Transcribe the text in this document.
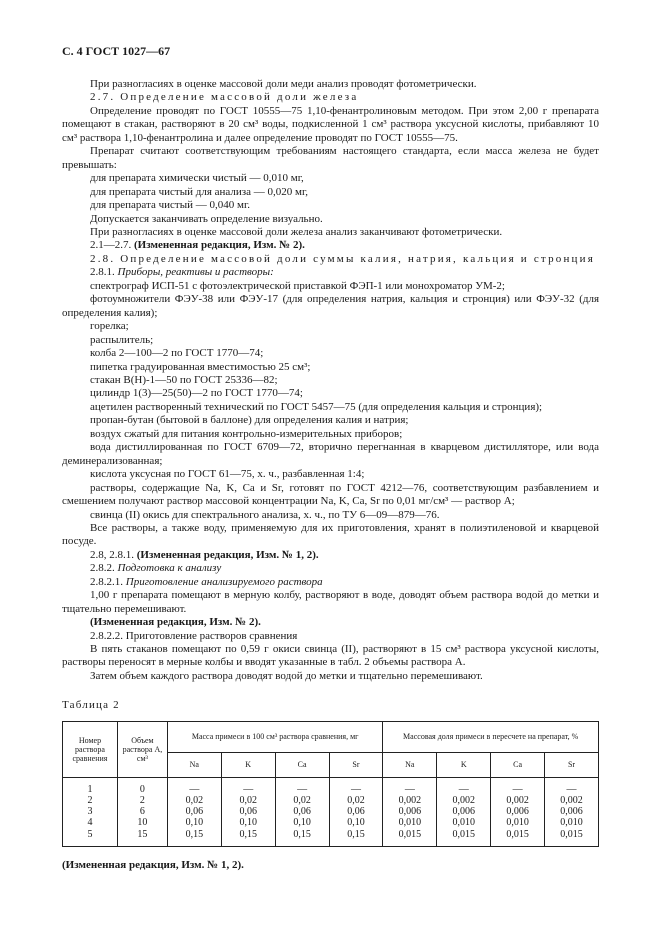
С. 4 ГОСТ 1027—67

При разногласиях в оценке массовой доли меди анализ проводят фотометрически.

2.7. Определение массовой доли железа

Определение проводят по ГОСТ 10555—75 1,10-фенантролиновым методом. При этом 2,00 г препарата помещают в стакан, растворяют в 20 см³ воды, подкисленной 1 см³ раствора уксусной кислоты, прибавляют 10 см³ раствора 1,10-фенантролина и далее определение проводят по ГОСТ 10555—75.

Препарат считают соответствующим требованиям настоящего стандарта, если масса железа не будет превышать:

для препарата химически чистый — 0,010 мг,

для препарата чистый для анализа — 0,020 мг,

для препарата чистый — 0,040 мг.

Допускается заканчивать определение визуально.

При разногласиях в оценке массовой доли железа анализ заканчивают фотометрически.

2.1—2.7. (Измененная редакция, Изм. № 2).

2.8. Определение массовой доли суммы калия, натрия, кальция и стронция

2.8.1. Приборы, реактивы и растворы:

спектрограф ИСП-51 с фотоэлектрической приставкой ФЭП-1 или монохроматор УМ-2;

фотоумножители ФЭУ-38 или ФЭУ-17 (для определения натрия, кальция и стронция) или ФЭУ-32 (для определения калия);

горелка;

распылитель;

колба 2—100—2 по ГОСТ 1770—74;

пипетка градуированная вместимостью 25 см³;

стакан В(Н)-1—50 по ГОСТ 25336—82;

цилиндр 1(3)—25(50)—2 по ГОСТ 1770—74;

ацетилен растворенный технический по ГОСТ 5457—75 (для определения кальция и стронция);

пропан-бутан (бытовой в баллоне) для определения калия и натрия;

воздух сжатый для питания контрольно-измерительных приборов;

вода дистиллированная по ГОСТ 6709—72, вторично перегнанная в кварцевом дистилляторе, или вода деминерализованная;

кислота уксусная по ГОСТ 61—75, х. ч., разбавленная 1:4;

растворы, содержащие Na, K, Ca и Sr, готовят по ГОСТ 4212—76, соответствующим разбавлением и смешением получают раствор массовой концентрации Na, K, Ca, Sr по 0,01 мг/см³ — раствор А;

свинца (II) окись для спектрального анализа, х. ч., по ТУ 6—09—879—76.

Все растворы, а также воду, применяемую для их приготовления, хранят в полиэтиленовой и кварцевой посуде.

2.8, 2.8.1. (Измененная редакция, Изм. № 1, 2).

2.8.2. Подготовка к анализу

2.8.2.1. Приготовление анализируемого раствора

1,00 г препарата помещают в мерную колбу, растворяют в воде, доводят объем раствора водой до метки и тщательно перемешивают.

(Измененная редакция, Изм. № 2).

2.8.2.2. Приготовление растворов сравнения

В пять стаканов помещают по 0,59 г окиси свинца (II), растворяют в 15 см³ раствора уксусной кислоты, растворы переносят в мерные колбы и вводят указанные в табл. 2 объемы раствора А.

Затем объем каждого раствора доводят водой до метки и тщательно перемешивают.

Таблица 2

Номер раствора сравнения	Объем раствора А, см³	Масса примеси в 100 см³ раствора сравнения, мг				Массовая доля примеси в пересчете на препарат, %			
		Na	K	Ca	Sr	Na	K	Ca	Sr
1	0	—	—	—	—	—	—	—	—
2	2	0,02	0,02	0,02	0,02	0,002	0,002	0,002	0,002
3	6	0,06	0,06	0,06	0,06	0,006	0,006	0,006	0,006
4	10	0,10	0,10	0,10	0,10	0,010	0,010	0,010	0,010
5	15	0,15	0,15	0,15	0,15	0,015	0,015	0,015	0,015

(Измененная редакция, Изм. № 1, 2).
